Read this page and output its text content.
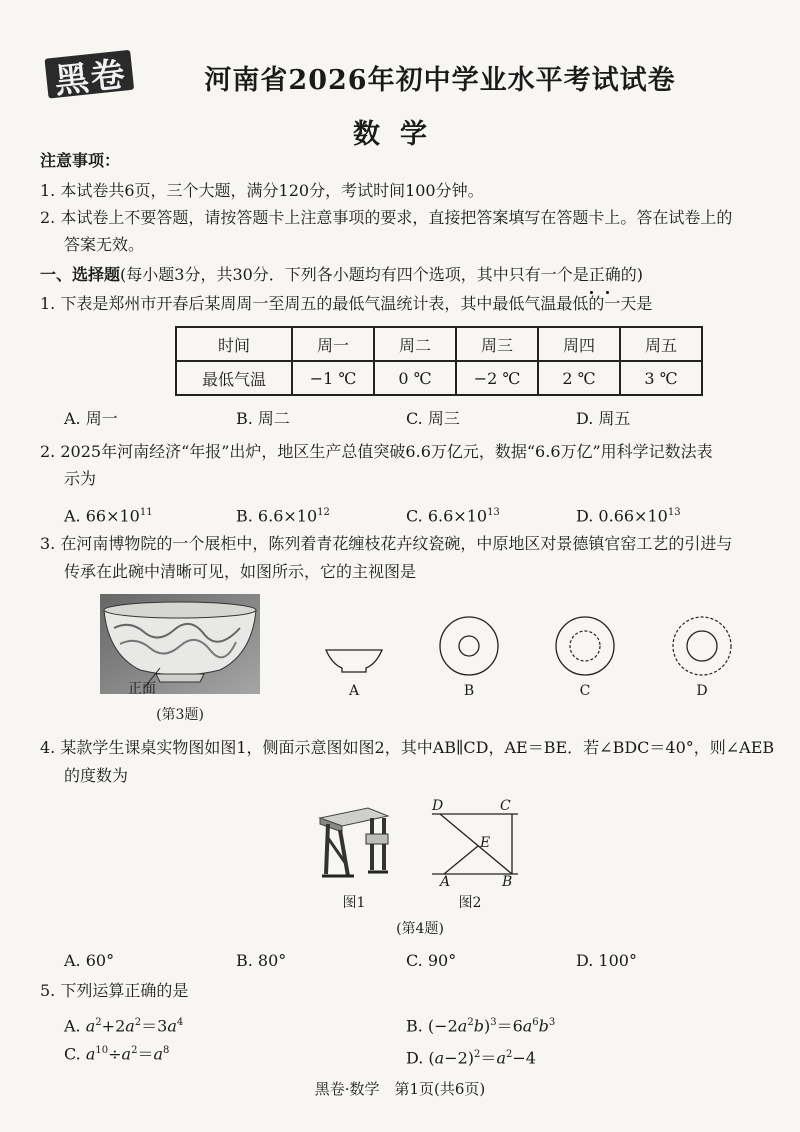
黑卷	河南省2026年初中学业水平考试试卷
数学
注意事项：
1. 本试卷共6页，三个大题，满分120分，考试时间100分钟。
2. 本试卷上不要答题，请按答题卡上注意事项的要求，直接把答案填写在答题卡上。答在试卷上的
答案无效。
一、选择题(每小题3分，共30分．下列各小题均有四个选项，其中只有一个是正确的)
1. 下表是郑州市开春后某周周一至周五的最低气温统计表，其中最低气温最低的一天是
时间	周一	周二	周三	周四	周五
最低气温	−1 ℃	0 ℃	−2 ℃	2 ℃	3 ℃
A. 周一	B. 周二	C. 周三	D. 周五
2. 2025年河南经济“年报”出炉，地区生产总值突破6.6万亿元，数据“6.6万亿”用科学记数法表
示为
A. $66\times 10^{11}$	B. $6.6\times 10^{12}$	C. $6.6\times 10^{13}$	D. $0.66\times 10^{13}$
3. 在河南博物院的一个展柜中，陈列着青花缠枝花卉纹瓷碗，中原地区对景德镇官窑工艺的引进与
传承在此碗中清晰可见，如图所示，它的主视图是
正面
(第3题)
A	B	C	D
4. 某款学生课桌实物图如图1，侧面示意图如图2，其中AB∥CD，AE＝BE．若∠BDC＝40°，则∠AEB
的度数为
图1
D	C
E
A	B
图2
(第4题)
A. 60°	B. 80°	C. 90°	D. 100°
5. 下列运算正确的是
A. $a^2+2a^2=3a^4$	B. $(-2a^2b)^3=6a^6b^3$
C. $a^{10}\div a^2=a^8$	D. $(a-2)^2=a^2-4$
黑卷·数学　第1页(共6页)
